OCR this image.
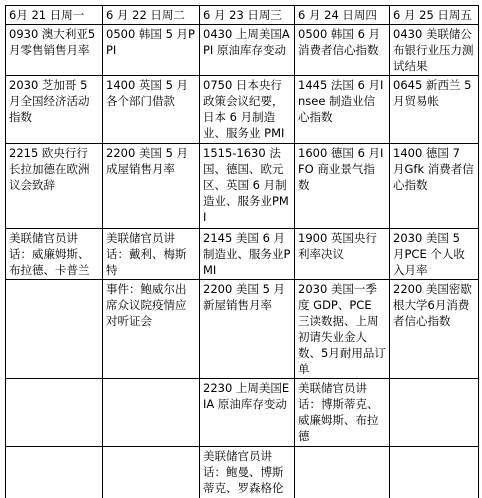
6月 21 日周一	6 月 22 日周二	6 月 23 日周三	6 月 24 日周四	6 月 25 日周五
0930 澳大利亚5月零售销售月率	0500 韩国 5 月PPI	0430 上周美国API 原油库存变动	0500 韩国 6 月消费者信心指数	0430 美联储公布银行业压力测试结果
2030 芝加哥 5 月全国经济活动指数	1400 英国 5 月各个部门借款	0750 日本央行政策会议纪要，日本 6 月制造业、服务业 PMI	1445 法国 6 月Insee 制造业信心指数	0645 新西兰 5月贸易帐
2215 欧央行行长拉加德在欧洲议会致辞	2200 美国 5 月成屋销售月率	1515-1630 法国、德国、欧元区、英国 6 月制造业、服务业PMI	1600 德国 6 月IFO 商业景气指数	1400 德国 7 月Gfk 消费者信心指数
美联储官员讲话：威廉姆斯、布拉德、卡普兰	美联储官员讲话：戴利、梅斯特	2145 美国 6 月制造业、服务业PMI	1900 英国央行利率决议	2030 美国 5 月PCE 个人收入月率
	事件：鲍威尔出席众议院疫情应对听证会	2200 美国 5 月新屋销售月率	2030 美国一季度 GDP、PCE 三读数据、上周初请失业金人数、5月耐用品订单	2200 美国密歇根大学6月消费者信心指数
		2230 上周美国EIA 原油库存变动	美联储官员讲话：博斯蒂克、威廉姆斯、布拉德	
		美联储官员讲话：鲍曼、博斯蒂克、罗森格伦		
